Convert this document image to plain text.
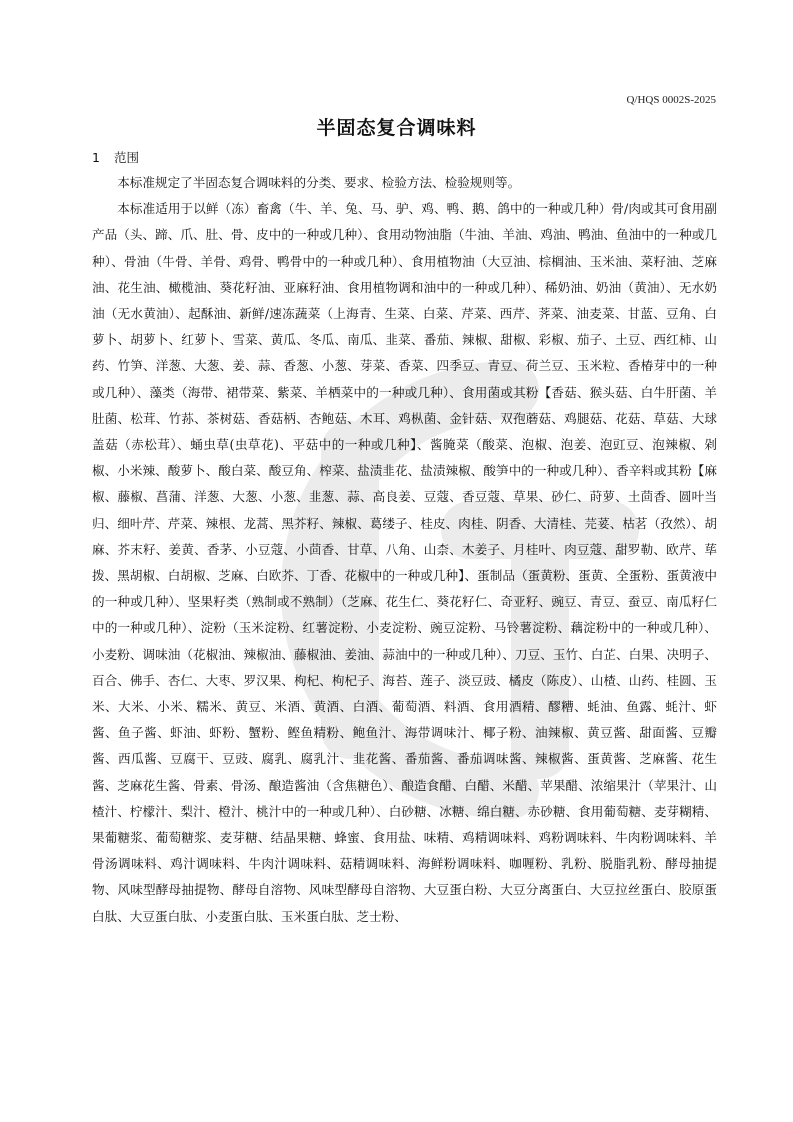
Q/HQS 0002S-2025
半固态复合调味料
1 范围

本标准规定了半固态复合调味料的分类、要求、检验方法、检验规则等。

本标准适用于以鲜（冻）畜禽（牛、羊、兔、马、驴、鸡、鸭、鹅、鸽中的一种或几种）骨/肉或其可食用副产品（头、蹄、爪、肚、骨、皮中的一种或几种）、食用动物油脂（牛油、羊油、鸡油、鸭油、鱼油中的一种或几种）、骨油（牛骨、羊骨、鸡骨、鸭骨中的一种或几种）、食用植物油（大豆油、棕榈油、玉米油、菜籽油、芝麻油、花生油、橄榄油、葵花籽油、亚麻籽油、食用植物调和油中的一种或几种）、稀奶油、奶油（黄油）、无水奶油（无水黄油）、起酥油、新鲜/速冻蔬菜（上海青、生菜、白菜、芹菜、西芹、荠菜、油麦菜、甘蓝、豆角、白萝卜、胡萝卜、红萝卜、雪菜、黄瓜、冬瓜、南瓜、韭菜、番茄、辣椒、甜椒、彩椒、茄子、土豆、西红柿、山药、竹笋、洋葱、大葱、姜、蒜、香葱、小葱、芽菜、香菜、四季豆、青豆、荷兰豆、玉米粒、香椿芽中的一种或几种）、藻类（海带、裙带菜、紫菜、羊栖菜中的一种或几种）、食用菌或其粉【香菇、猴头菇、白牛肝菌、羊肚菌、松茸、竹荪、茶树菇、香菇柄、杏鲍菇、木耳、鸡枞菌、金针菇、双孢蘑菇、鸡腿菇、花菇、草菇、大球盖菇（赤松茸）、蛹虫草(虫草花)、平菇中的一种或几种】、酱腌菜（酸菜、泡椒、泡姜、泡豇豆、泡辣椒、剁椒、小米辣、酸萝卜、酸白菜、酸豆角、榨菜、盐渍韭花、盐渍辣椒、酸笋中的一种或几种）、香辛料或其粉【麻椒、藤椒、菖蒲、洋葱、大葱、小葱、韭葱、蒜、高良姜、豆蔻、香豆蔻、草果、砂仁、莳萝、土茴香、圆叶当归、细叶芹、芹菜、辣根、龙蒿、黑芥籽、辣椒、葛缕子、桂皮、肉桂、阴香、大清桂、芫荽、枯茗（孜然）、胡麻、芥末籽、姜黄、香茅、小豆蔻、小茴香、甘草、八角、山柰、木姜子、月桂叶、肉豆蔻、甜罗勒、欧芹、荜拨、黑胡椒、白胡椒、芝麻、白欧芥、丁香、花椒中的一种或几种】、蛋制品（蛋黄粉、蛋黄、全蛋粉、蛋黄液中的一种或几种）、坚果籽类（熟制或不熟制）（芝麻、花生仁、葵花籽仁、奇亚籽、豌豆、青豆、蚕豆、南瓜籽仁中的一种或几种）、淀粉（玉米淀粉、红薯淀粉、小麦淀粉、豌豆淀粉、马铃薯淀粉、藕淀粉中的一种或几种）、小麦粉、调味油（花椒油、辣椒油、藤椒油、姜油、蒜油中的一种或几种）、刀豆、玉竹、白芷、白果、决明子、百合、佛手、杏仁、大枣、罗汉果、枸杞、枸杞子、海苔、莲子、淡豆豉、橘皮（陈皮）、山楂、山药、桂圆、玉米、大米、小米、糯米、黄豆、米酒、黄酒、白酒、葡萄酒、料酒、食用酒精、醪糟、蚝油、鱼露、蚝汁、虾酱、鱼子酱、虾油、虾粉、蟹粉、鲣鱼精粉、鲍鱼汁、海带调味汁、椰子粉、油辣椒、黄豆酱、甜面酱、豆瓣酱、西瓜酱、豆腐干、豆豉、腐乳、腐乳汁、韭花酱、番茄酱、番茄调味酱、辣椒酱、蛋黄酱、芝麻酱、花生酱、芝麻花生酱、骨素、骨汤、酿造酱油（含焦糖色）、酿造食醋、白醋、米醋、苹果醋、浓缩果汁（苹果汁、山楂汁、柠檬汁、梨汁、橙汁、桃汁中的一种或几种）、白砂糖、冰糖、绵白糖、赤砂糖、食用葡萄糖、麦芽糊精、果葡糖浆、葡萄糖浆、麦芽糖、结晶果糖、蜂蜜、食用盐、味精、鸡精调味料、鸡粉调味料、牛肉粉调味料、羊骨汤调味料、鸡汁调味料、牛肉汁调味料、菇精调味料、海鲜粉调味料、咖喱粉、乳粉、脱脂乳粉、酵母抽提物、风味型酵母抽提物、酵母自溶物、风味型酵母自溶物、大豆蛋白粉、大豆分离蛋白、大豆拉丝蛋白、胶原蛋白肽、大豆蛋白肽、小麦蛋白肽、玉米蛋白肽、芝士粉、
